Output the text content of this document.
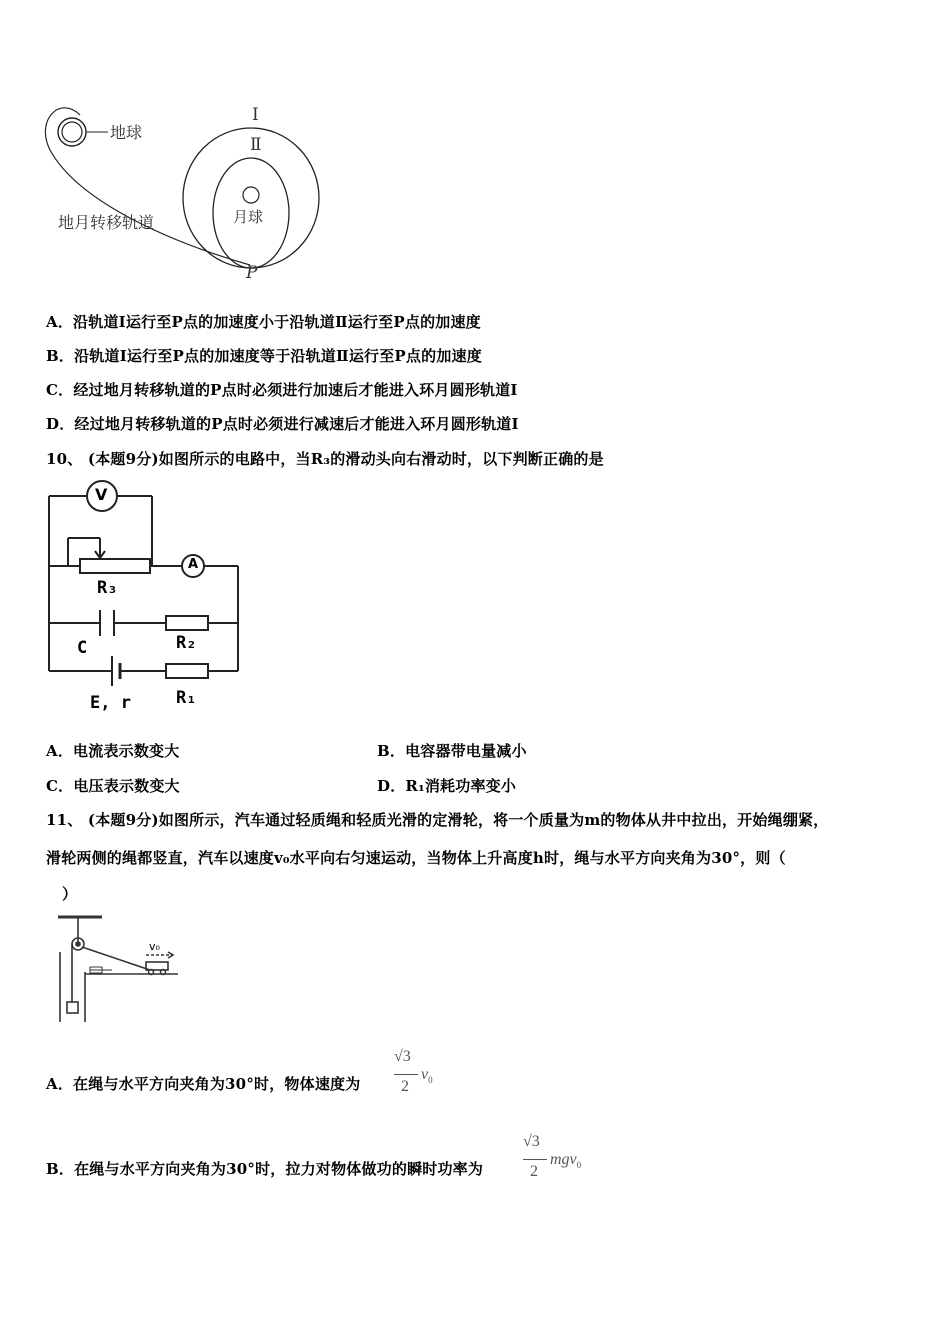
地球
地月转移轨道	月球
Ⅰ
Ⅱ
P
A．沿轨道Ⅰ运行至P点的加速度小于沿轨道Ⅱ运行至P点的加速度
B．沿轨道Ⅰ运行至P点的加速度等于沿轨道Ⅱ运行至P点的加速度
C．经过地月转移轨道的P点时必须进行加速后才能进入环月圆形轨道Ⅰ
D．经过地月转移轨道的P点时必须进行减速后才能进入环月圆形轨道Ⅰ
10、 (本题9分)如图所示的电路中，当R₃的滑动头向右滑动时，以下判断正确的是
V
A
R₃
C	R₂
E, r	R₁
A．电流表示数变大	B．电容器带电量减小
C．电压表示数变大	D．R₁消耗功率变小
11、 (本题9分)如图所示，汽车通过轻质绳和轻质光滑的定滑轮，将一个质量为m的物体从井中拉出，开始绳绷紧，
滑轮两侧的绳都竖直，汽车以速度v₀水平向右匀速运动，当物体上升高度h时，绳与水平方向夹角为30°，则（
）
v₀
A．在绳与水平方向夹角为30°时，物体速度为
√3
2
$v_0$
B．在绳与水平方向夹角为30°时，拉力对物体做功的瞬时功率为
√3
2
mgv$_0$
